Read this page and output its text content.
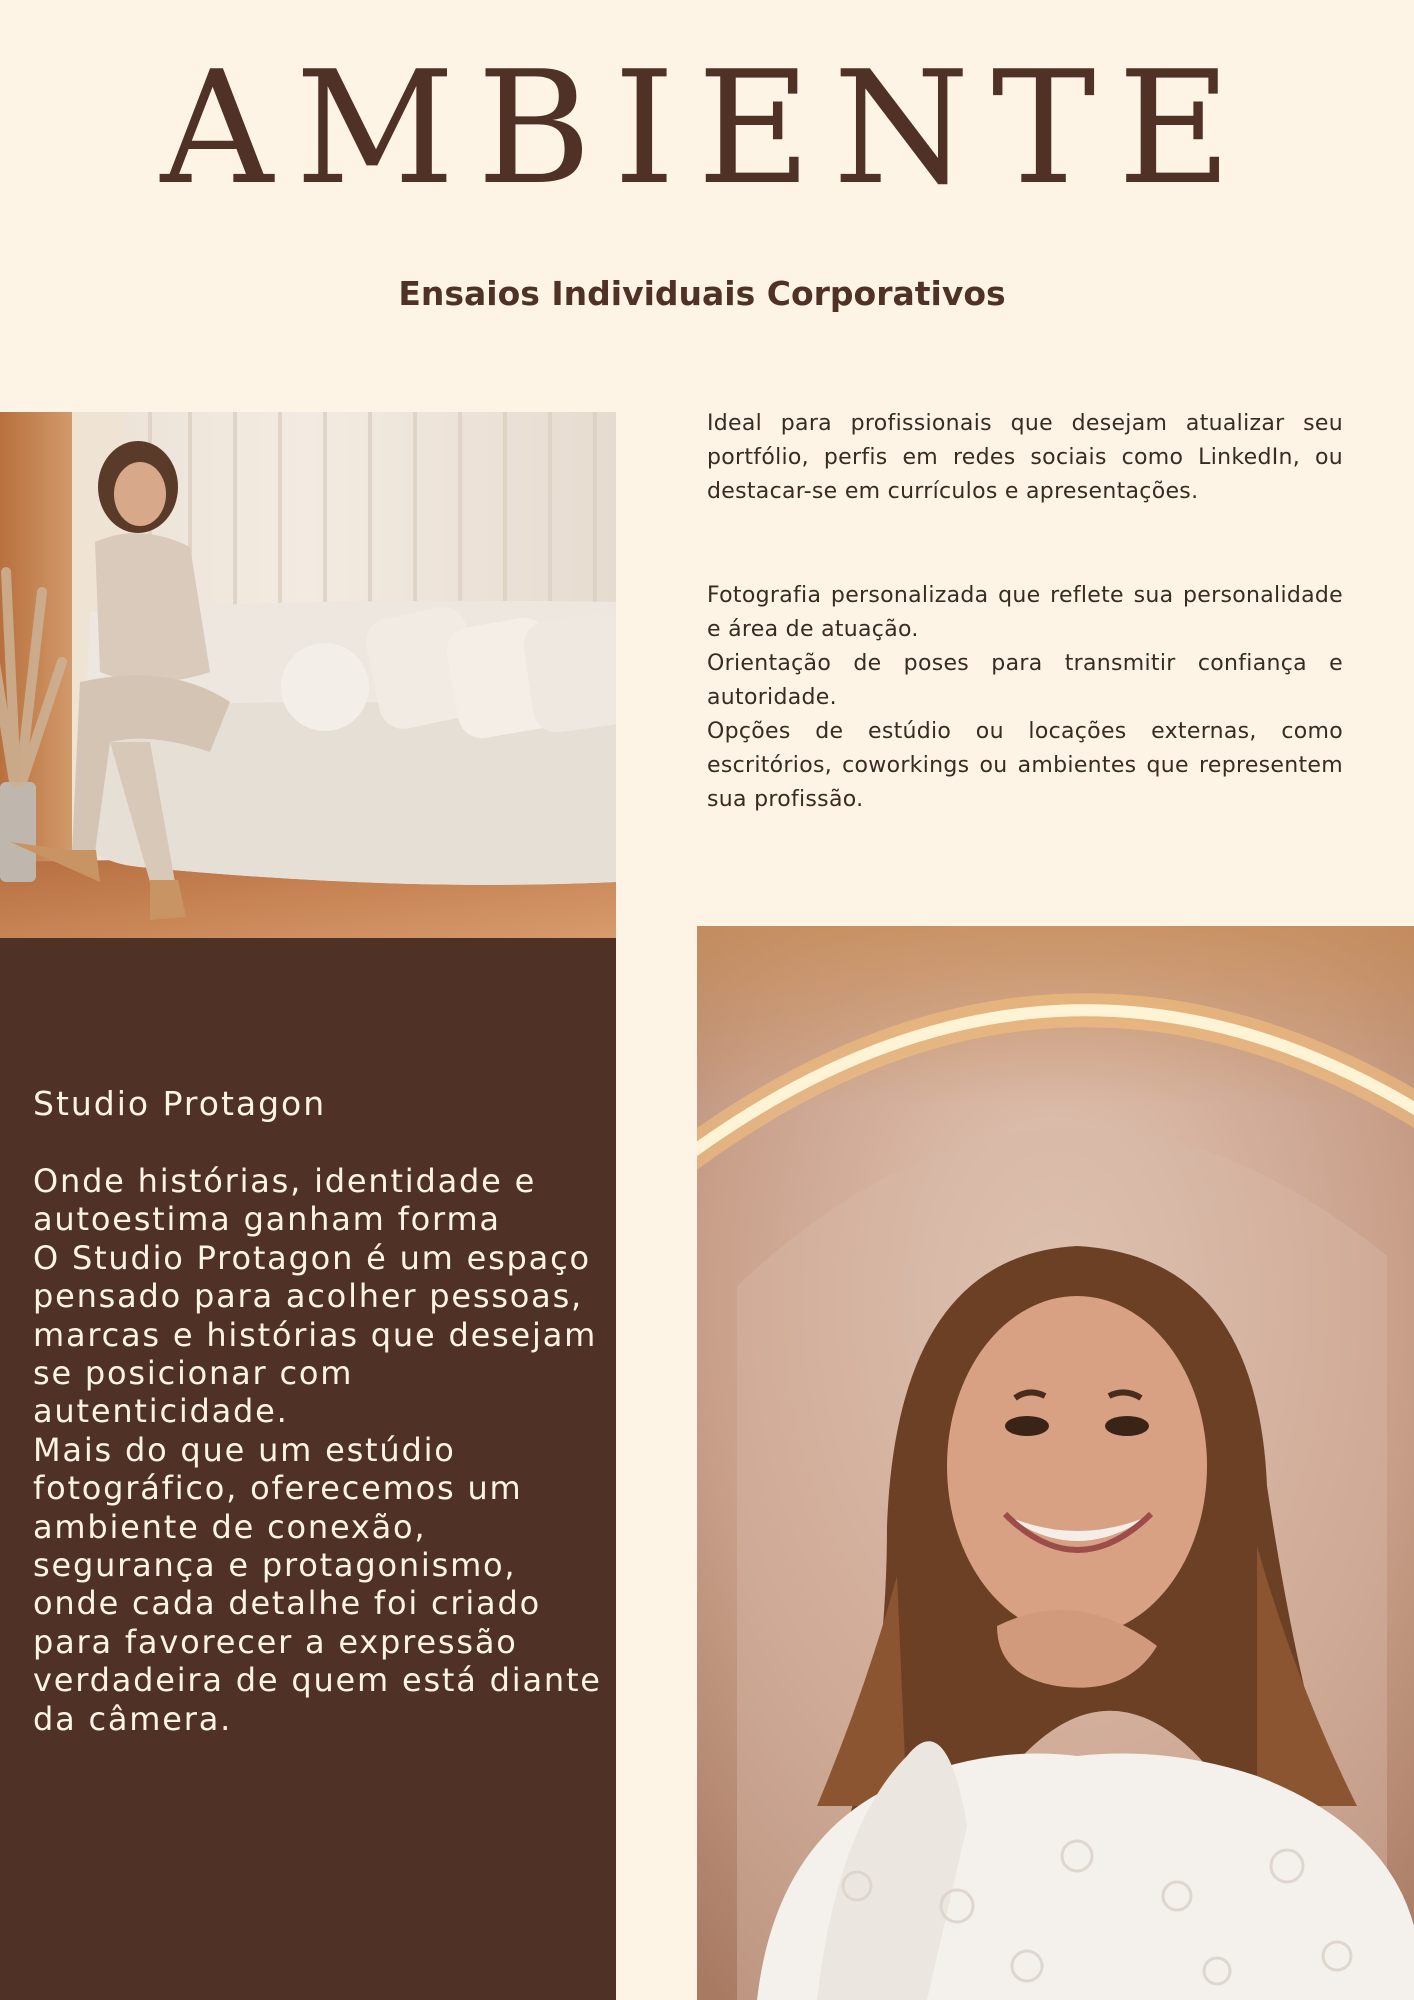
AMBIENTE
Ensaios Individuais Corporativos

Ideal para profissionais que desejam atualizar seu portfólio, perfis em redes sociais como LinkedIn, ou destacar-se em currículos e apresentações.

Fotografia personalizada que reflete sua personalidade e área de atuação.

Orientação de poses para transmitir confiança e autoridade.

Opções de estúdio ou locações externas, como escritórios, coworkings ou ambientes que representem sua profissão.

Studio Protagon

Onde histórias, identidade e autoestima ganham forma

O Studio Protagon é um espaço pensado para acolher pessoas, marcas e histórias que desejam se posicionar com autenticidade.

Mais do que um estúdio fotográfico, oferecemos um ambiente de conexão, segurança e protagonismo, onde cada detalhe foi criado para favorecer a expressão verdadeira de quem está diante da câmera.
